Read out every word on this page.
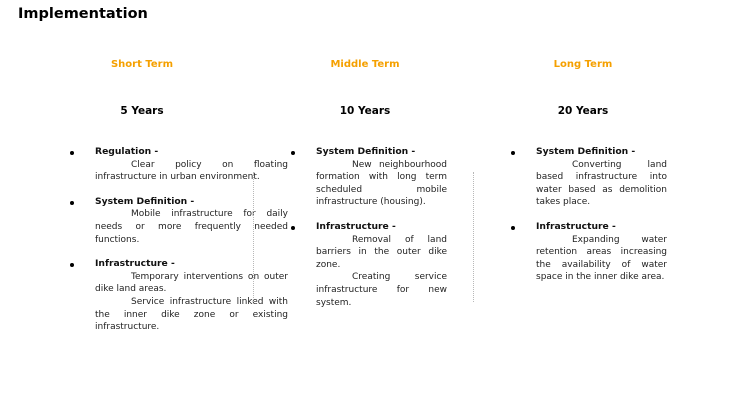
Implementation
Short Term
5 Years
Regulation -

Clear policy on floating infrastructure in urban environment.

System Definition -

Mobile infrastructure for daily needs or more frequently needed functions.

Infrastructure -

Temporary interventions on outer dike land areas.

Service infrastructure linked with the inner dike zone or existing infrastructure.

Middle Term
10 Years
System Definition -

New neighbourhood formation with long term scheduled mobile infrastructure (housing).

Infrastructure -

Removal of land barriers in the outer dike zone.

Creating service infrastructure for new system.

Long Term
20 Years
System Definition -

Converting land based infrastructure into water based as demolition takes place.

Infrastructure -

Expanding water retention areas increasing the availability of water space in the inner dike area.
